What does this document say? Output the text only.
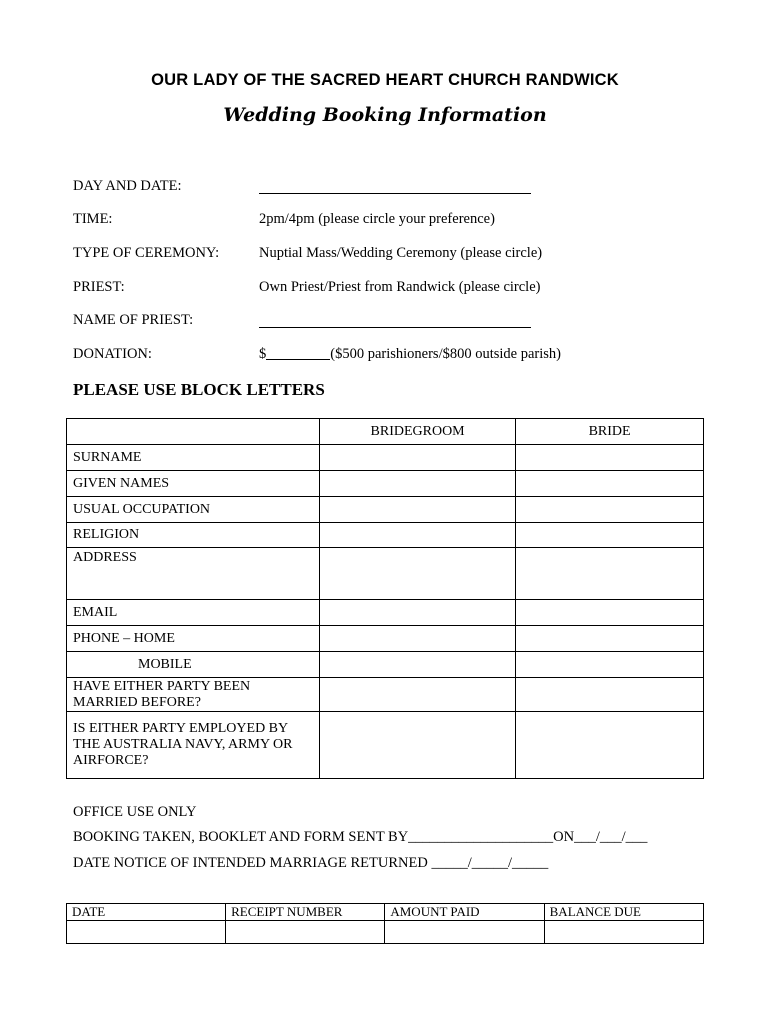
OUR LADY OF THE SACRED HEART CHURCH RANDWICK
Wedding Booking Information
DAY AND DATE:
TIME:	2pm/4pm (please circle your preference)
TYPE OF CEREMONY:	Nuptial Mass/Wedding Ceremony (please circle)
PRIEST:	Own Priest/Priest from Randwick (please circle)
NAME OF PRIEST:
DONATION:	$	($500 parishioners/$800 outside parish)
PLEASE USE BLOCK LETTERS
	BRIDEGROOM	BRIDE
SURNAME		
GIVEN NAMES		
USUAL OCCUPATION		
RELIGION		
ADDRESS		
EMAIL		
PHONE – HOME		
MOBILE		
HAVE EITHER PARTY BEEN MARRIED BEFORE?		
IS EITHER PARTY EMPLOYED BY THE AUSTRALIA NAVY, ARMY OR AIRFORCE?		
OFFICE USE ONLY
BOOKING TAKEN, BOOKLET AND FORM SENT BY____________________ON___/___/___
DATE NOTICE OF INTENDED MARRIAGE RETURNED _____/_____/_____
DATE	RECEIPT NUMBER	AMOUNT PAID	BALANCE DUE
